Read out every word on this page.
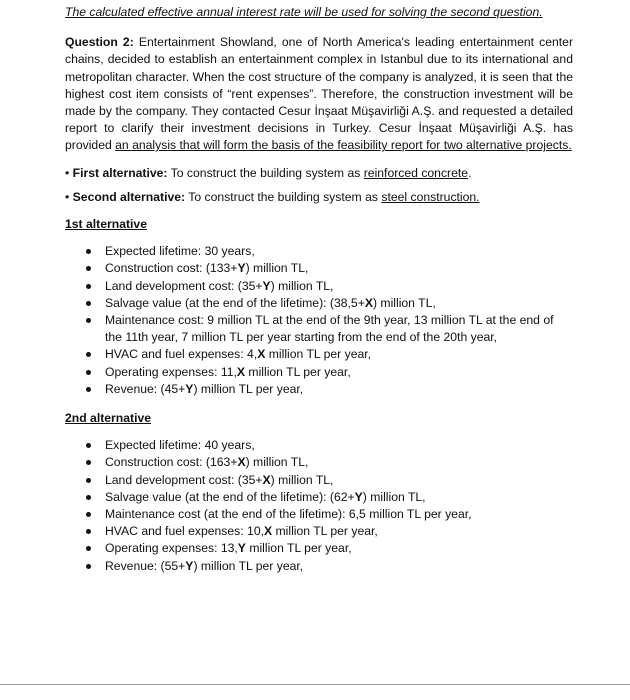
The calculated effective annual interest rate will be used for solving the second question.

Question 2: Entertainment Showland, one of North America's leading entertainment center chains, decided to establish an entertainment complex in Istanbul due to its international and metropolitan character. When the cost structure of the company is analyzed, it is seen that the highest cost item consists of “rent expenses”. Therefore, the construction investment will be made by the company. They contacted Cesur İnşaat Müşavirliği A.Ş. and requested a detailed report to clarify their investment decisions in Turkey. Cesur İnşaat Müşavirliği A.Ş. has provided an analysis that will form the basis of the feasibility report for two alternative projects.

• First alternative: To construct the building system as reinforced concrete.

• Second alternative: To construct the building system as steel construction.

1st alternative

Expected lifetime: 30 years,
Construction cost: (133+Y) million TL,
Land development cost: (35+Y) million TL,
Salvage value (at the end of the lifetime): (38,5+X) million TL,
Maintenance cost: 9 million TL at the end of the 9th year, 13 million TL at the end of the 11th year, 7 million TL per year starting from the end of the 20th year,
HVAC and fuel expenses: 4,X million TL per year,
Operating expenses: 11,X million TL per year,
Revenue: (45+Y) million TL per year,

2nd alternative

Expected lifetime: 40 years,
Construction cost: (163+X) million TL,
Land development cost: (35+X) million TL,
Salvage value (at the end of the lifetime): (62+Y) million TL,
Maintenance cost (at the end of the lifetime): 6,5 million TL per year,
HVAC and fuel expenses: 10,X million TL per year,
Operating expenses: 13,Y million TL per year,
Revenue: (55+Y) million TL per year,
